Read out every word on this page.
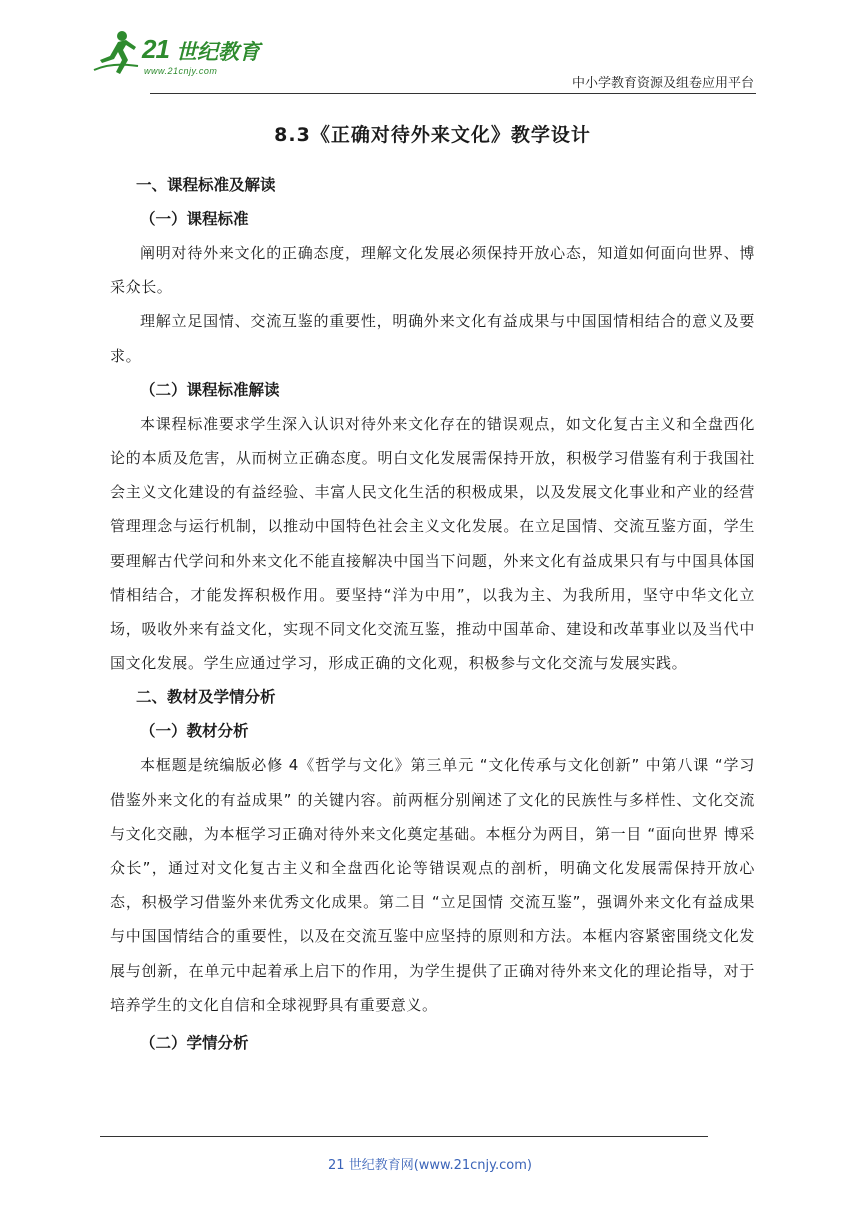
21 世纪教育
www.21cnjy.com
中小学教育资源及组卷应用平台
8.3《正确对待外来文化》教学设计
一、课程标准及解读
（一）课程标准

阐明对待外来文化的正确态度，理解文化发展必须保持开放心态，知道如何面向世界、博采众长。

理解立足国情、交流互鉴的重要性，明确外来文化有益成果与中国国情相结合的意义及要求。

（二）课程标准解读

本课程标准要求学生深入认识对待外来文化存在的错误观点，如文化复古主义和全盘西化论的本质及危害，从而树立正确态度。明白文化发展需保持开放，积极学习借鉴有利于我国社会主义文化建设的有益经验、丰富人民文化生活的积极成果，以及发展文化事业和产业的经营管理理念与运行机制，以推动中国特色社会主义文化发展。在立足国情、交流互鉴方面，学生要理解古代学问和外来文化不能直接解决中国当下问题，外来文化有益成果只有与中国具体国情相结合，才能发挥积极作用。要坚持“洋为中用”，以我为主、为我所用，坚守中华文化立场，吸收外来有益文化，实现不同文化交流互鉴，推动中国革命、建设和改革事业以及当代中国文化发展。学生应通过学习，形成正确的文化观，积极参与文化交流与发展实践。

二、教材及学情分析
（一）教材分析

本框题是统编版必修 4《哲学与文化》第三单元 “文化传承与文化创新” 中第八课 “学习借鉴外来文化的有益成果” 的关键内容。前两框分别阐述了文化的民族性与多样性、文化交流与文化交融，为本框学习正确对待外来文化奠定基础。本框分为两目，第一目 “面向世界 博采众长”，通过对文化复古主义和全盘西化论等错误观点的剖析，明确文化发展需保持开放心态，积极学习借鉴外来优秀文化成果。第二目 “立足国情 交流互鉴”，强调外来文化有益成果与中国国情结合的重要性，以及在交流互鉴中应坚持的原则和方法。本框内容紧密围绕文化发展与创新，在单元中起着承上启下的作用，为学生提供了正确对待外来文化的理论指导，对于培养学生的文化自信和全球视野具有重要意义。

（二）学情分析
21 世纪教育网(www.21cnjy.com)
